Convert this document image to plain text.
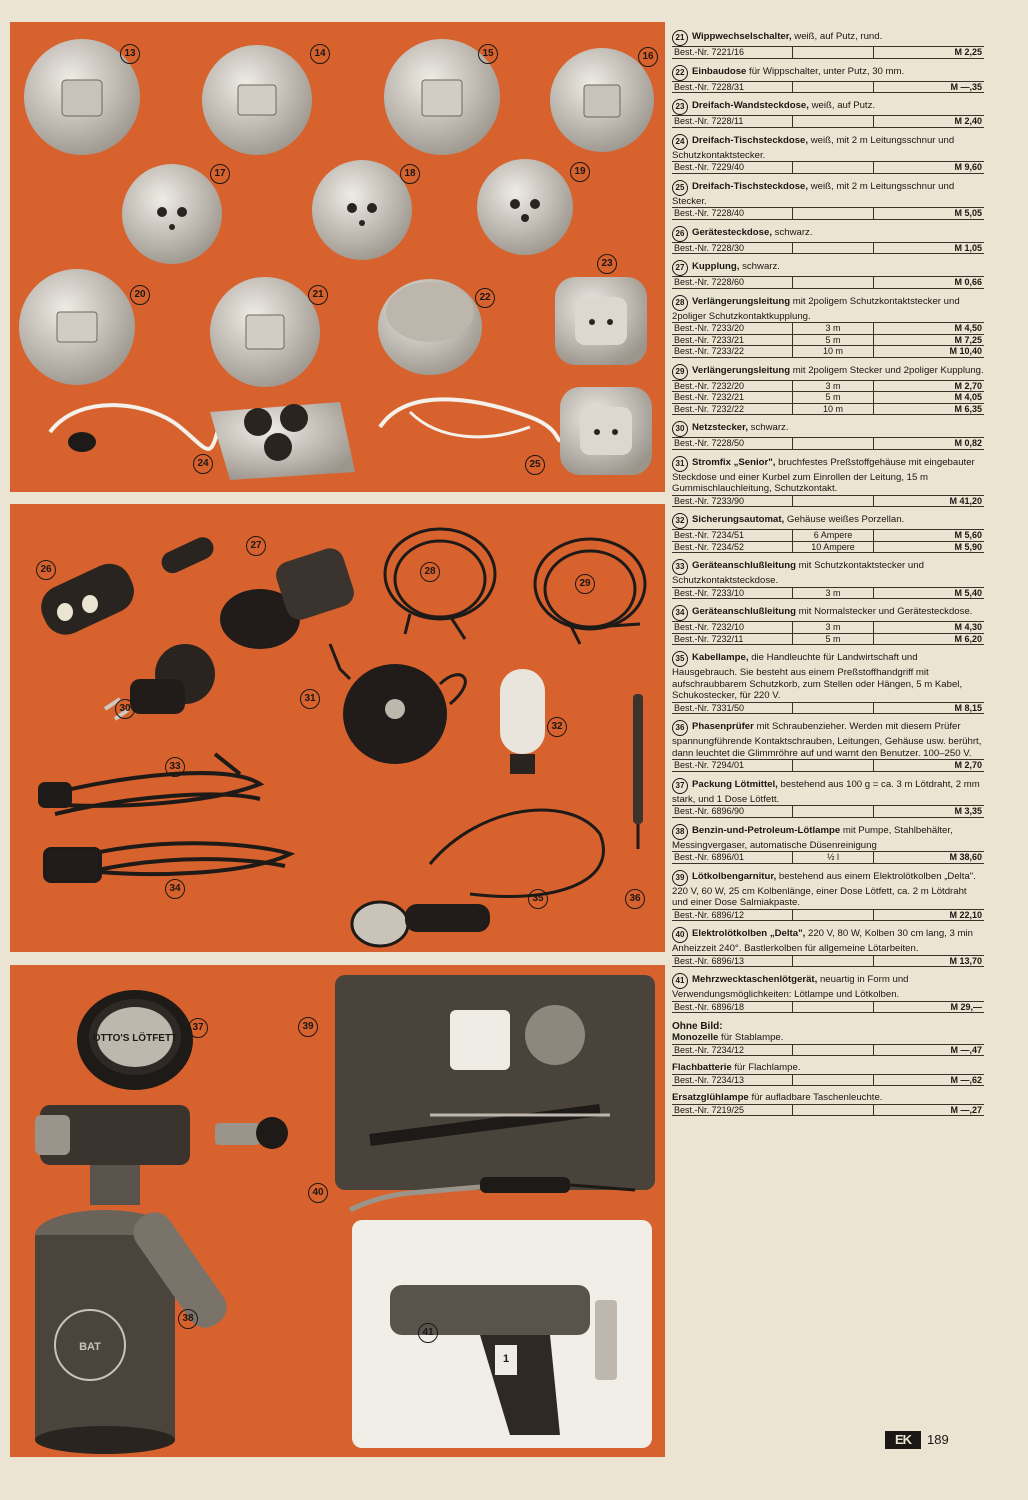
13	14	15	16
17	18	19
20	21	22
23
24	25
26
27
28
29
30
31
32
33
34
35	36
OTTO'S LÖTFETT
BAT
1
37
38
39
40
41
21 Wippwechselschalter, weiß, auf Putz, rund.
Best.-Nr. 7221/16	M 2,25
22 Einbaudose für Wippschalter, unter Putz, 30 mm.
Best.-Nr. 7228/31	M —,35
23 Dreifach-Wandsteckdose, weiß, auf Putz.
Best.-Nr. 7228/11	M 2,40
24 Dreifach-Tischsteckdose, weiß, mit 2 m Leitungsschnur und Schutzkontaktstecker.
Best.-Nr. 7229/40	M 9,60
25 Dreifach-Tischsteckdose, weiß, mit 2 m Leitungsschnur und Stecker.
Best.-Nr. 7228/40	M 5,05
26 Gerätesteckdose, schwarz.
Best.-Nr. 7228/30	M 1,05
27 Kupplung, schwarz.
Best.-Nr. 7228/60	M 0,66
28 Verlängerungsleitung mit 2poligem Schutzkontaktstecker und 2poliger Schutzkontaktkupplung.
Best.-Nr. 7233/20	3 m	M 4,50
Best.-Nr. 7233/21	5 m	M 7,25
Best.-Nr. 7233/22	10 m	M 10,40
29 Verlängerungsleitung mit 2poligem Stecker und 2poliger Kupplung.
Best.-Nr. 7232/20	3 m	M 2,70
Best.-Nr. 7232/21	5 m	M 4,05
Best.-Nr. 7232/22	10 m	M 6,35
30 Netzstecker, schwarz.
Best.-Nr. 7228/50	M 0,82
31 Stromfix „Senior", bruchfestes Preßstoffgehäuse mit eingebauter Steckdose und einer Kurbel zum Einrollen der Leitung, 15 m Gummischlauchleitung, Schutzkontakt.
Best.-Nr. 7233/90	M 41,20
32 Sicherungsautomat, Gehäuse weißes Porzellan.
Best.-Nr. 7234/51	6 Ampere	M 5,60
Best.-Nr. 7234/52	10 Ampere	M 5,90
33 Geräteanschlußleitung mit Schutzkontaktstecker und Schutzkontaktsteckdose.
Best.-Nr. 7233/10	3 m	M 5,40
34 Geräteanschlußleitung mit Normalstecker und Gerätesteckdose.
Best.-Nr. 7232/10	3 m	M 4,30
Best.-Nr. 7232/11	5 m	M 6,20
35 Kabellampe, die Handleuchte für Landwirtschaft und Hausgebrauch. Sie besteht aus einem Preßstoffhandgriff mit aufschraubbarem Schutzkorb, zum Stellen oder Hängen, 5 m Kabel, Schukostecker, für 220 V.
Best.-Nr. 7331/50	M 8,15
36 Phasenprüfer mit Schraubenzieher. Werden mit diesem Prüfer spannungführende Kontaktschrauben, Leitungen, Gehäuse usw. berührt, dann leuchtet die Glimmröhre auf und warnt den Benutzer. 100–250 V.
Best.-Nr. 7294/01	M 2,70
37 Packung Lötmittel, bestehend aus 100 g = ca. 3 m Lötdraht, 2 mm stark, und 1 Dose Lötfett.
Best.-Nr. 6896/90	M 3,35
38 Benzin-und-Petroleum-Lötlampe mit Pumpe, Stahlbehälter, Messingvergaser, automatische Düsenreinigung
Best.-Nr. 6896/01	½ l	M 38,60
39 Lötkolbengarnitur, bestehend aus einem Elektrolötkolben „Delta". 220 V, 60 W, 25 cm Kolbenlänge, einer Dose Lötfett, ca. 2 m Lötdraht und einer Dose Salmiakpaste.
Best.-Nr. 6896/12	M 22,10
40 Elektrolötkolben „Delta", 220 V, 80 W, Kolben 30 cm lang, 3 min Anheizzeit 240°. Bastlerkolben für allgemeine Lötarbeiten.
Best.-Nr. 6896/13	M 13,70
41 Mehrzwecktaschenlötgerät, neuartig in Form und Verwendungsmöglichkeiten: Lötlampe und Lötkolben.
Best.-Nr. 6896/18	M 29,—
Ohne Bild:
Monozelle für Stablampe.
Best.-Nr. 7234/12	M —,47
Flachbatterie für Flachlampe.
Best.-Nr. 7234/13	M —,62
Ersatzglühlampe für aufladbare Taschenleuchte.
Best.-Nr. 7219/25	M —,27
EK 189
